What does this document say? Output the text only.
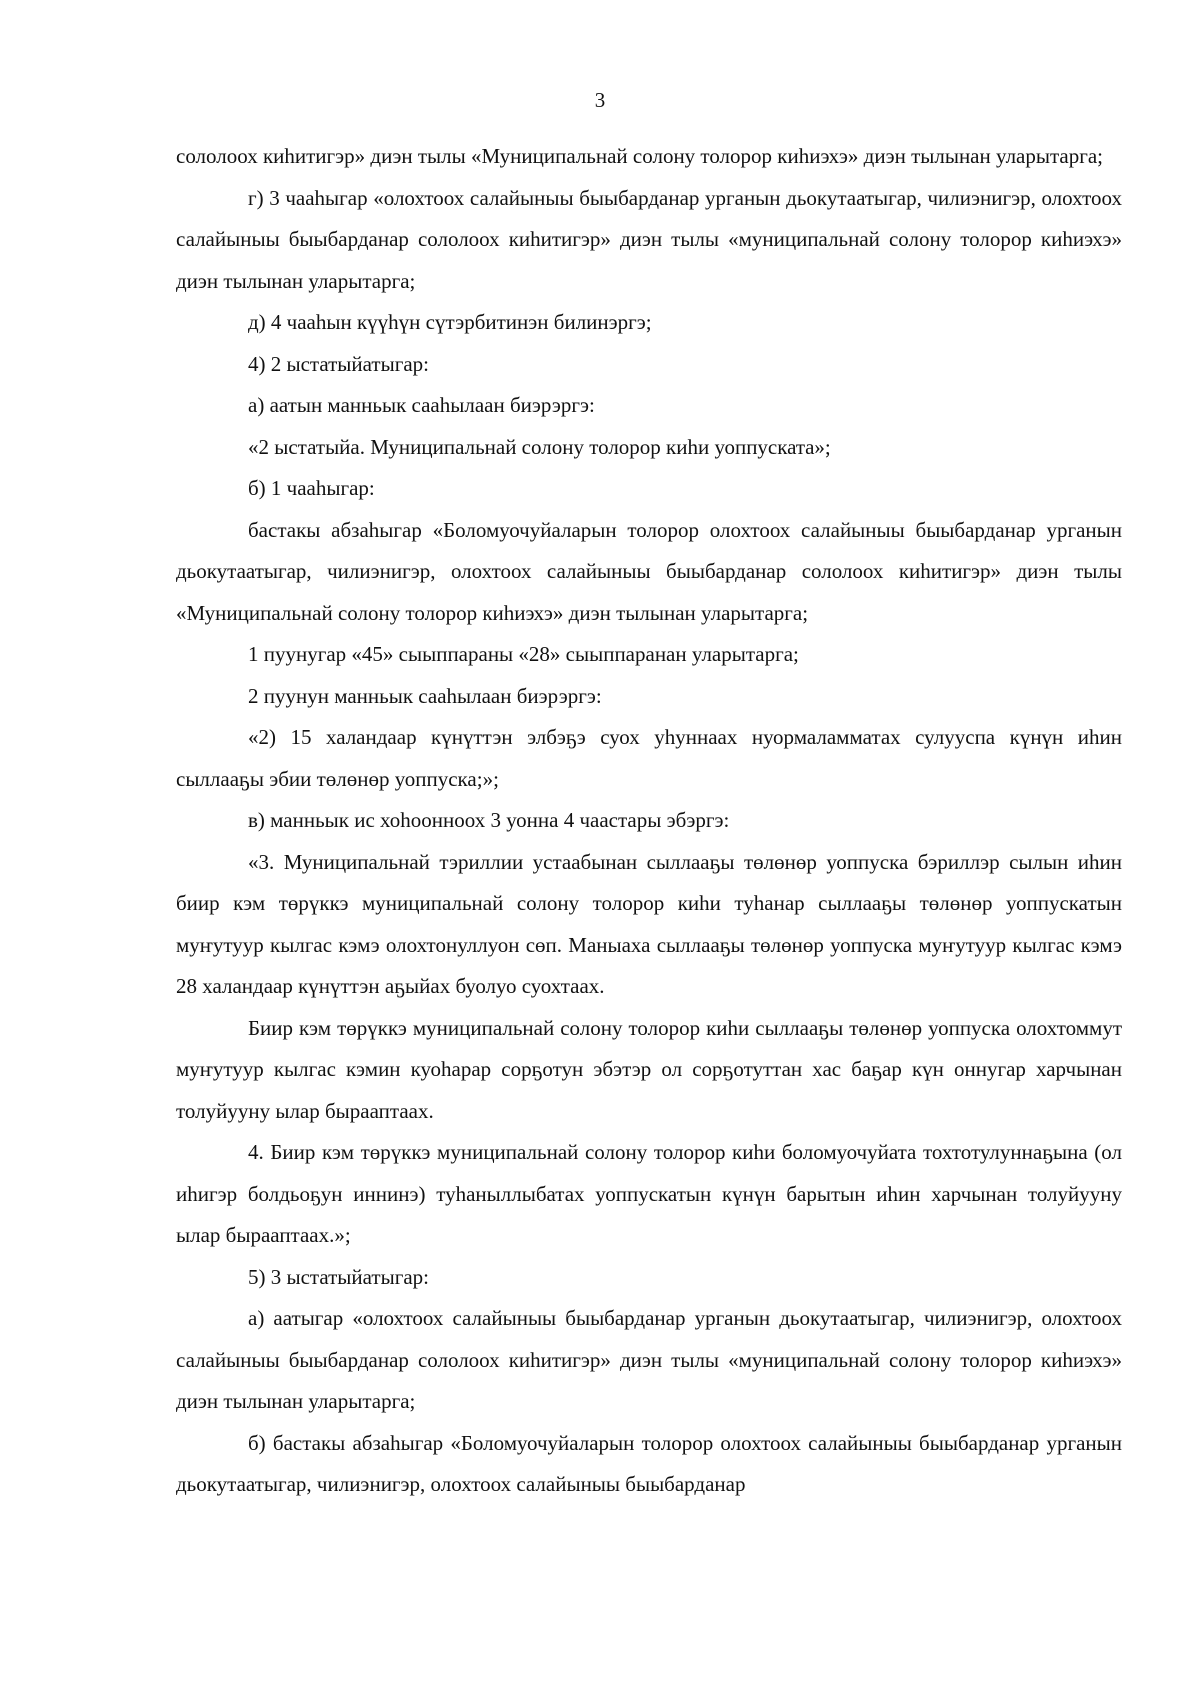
3

сололоох киһитигэр» диэн тылы «Муниципальнай солону толорор киһиэхэ» диэн тылынан уларытарга;

г) 3 чааһыгар «олохтоох салайыныы быыбарданар урганын дьокутаатыгар, чилиэнигэр, олохтоох салайыныы быыбарданар сололоох киһитигэр» диэн тылы «муниципальнай солону толорор киһиэхэ» диэн тылынан уларытарга;

д) 4 чааһын күүһүн сүтэрбитинэн билинэргэ;

4) 2 ыстатыйатыгар:

а) аатын манньык сааһылаан биэрэргэ:

«2 ыстатыйа. Муниципальнай солону толорор киһи уоппускатa»;

б) 1 чааһыгар:

бастакы абзаһыгар «Боломуочуйаларын толорор олохтоох салайыныы быыбарданар урганын дьокутаатыгар, чилиэнигэр, олохтоох салайыныы быыбарданар сололоох киһитигэр» диэн тылы «Муниципальнай солону толорор киһиэхэ» диэн тылынан уларытарга;

1 пуунугар «45» сыыппараны «28» сыыппаранан уларытарга;

2 пуунун манньык сааһылаан биэрэргэ:

«2) 15 халандаар күнүттэн элбэҕэ суох уһуннаах нуормаламматах сулууспа күнүн иһин сыллааҕы эбии төлөнөр уоппуска;»;

в) манньык ис хоһоонноох 3 уонна 4 чаастары эбэргэ:

«3. Муниципальнай тэриллии устаабынан сыллааҕы төлөнөр уоппуска бэриллэр сылын иһин биир кэм төрүккэ муниципальнай солону толорор киһи туһанар сыллааҕы төлөнөр уоппускатын муҥутуур кылгас кэмэ олохтонуллуон сөп. Маныаха сыллааҕы төлөнөр уоппуска муҥутуур кылгас кэмэ 28 халандаар күнүттэн аҕыйах буолуо суохтаах.

Биир кэм төрүккэ муниципальнай солону толорор киһи сыллааҕы төлөнөр уоппуска олохтоммут муҥутуур кылгас кэмин куоһарар сорҕотун эбэтэр ол сорҕотуттан хас баҕар күн оннугар харчынан толуйууну ылар бырааптаах.

4. Биир кэм төрүккэ муниципальнай солону толорор киһи боломуочуйата тохтотулуннаҕына (ол иһигэр болдьоҕун иннинэ) туһаныллыбатах уоппускатын күнүн барытын иһин харчынан толуйууну ылар бырааптаах.»;

5) 3 ыстатыйатыгар:

а) аатыгар «олохтоох салайыныы быыбарданар урганын дьокутаатыгар, чилиэнигэр, олохтоох салайыныы быыбарданар сололоох киһитигэр» диэн тылы «муниципальнай солону толорор киһиэхэ» диэн тылынан уларытарга;

б) бастакы абзаһыгар «Боломуочуйаларын толорор олохтоох салайыныы быыбарданар урганын дьокутаатыгар, чилиэнигэр, олохтоох салайыныы быыбарданар
